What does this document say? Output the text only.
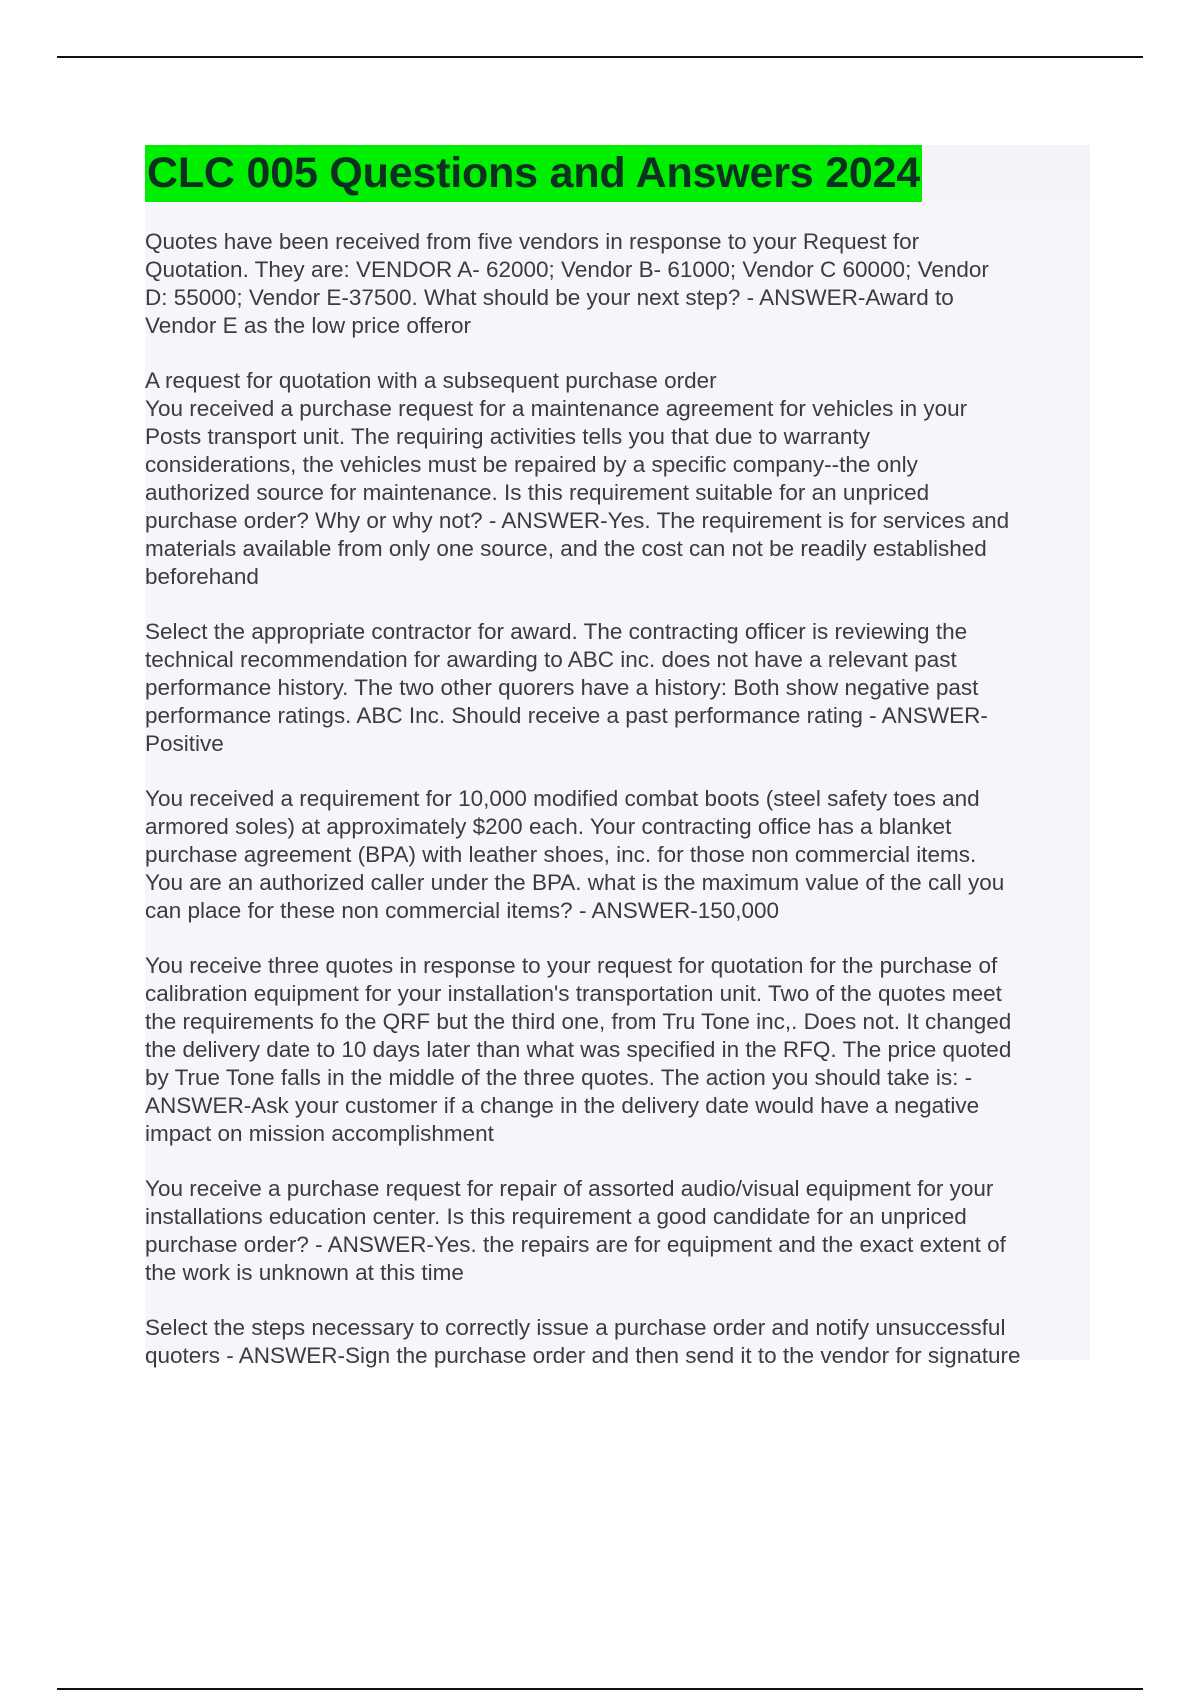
CLC 005 Questions and Answers 2024

Quotes have been received from five vendors in response to your Request for
Quotation. They are: VENDOR A- 62000; Vendor B- 61000; Vendor C 60000; Vendor
D: 55000; Vendor E-37500. What should be your next step? - ANSWER-Award to
Vendor E as the low price offeror

A request for quotation with a subsequent purchase order
You received a purchase request for a maintenance agreement for vehicles in your
Posts transport unit. The requiring activities tells you that due to warranty
considerations, the vehicles must be repaired by a specific company--the only
authorized source for maintenance. Is this requirement suitable for an unpriced
purchase order? Why or why not? - ANSWER-Yes. The requirement is for services and
materials available from only one source, and the cost can not be readily established
beforehand

Select the appropriate contractor for award. The contracting officer is reviewing the
technical recommendation for awarding to ABC inc. does not have a relevant past
performance history. The two other quorers have a history: Both show negative past
performance ratings. ABC Inc. Should receive a past performance rating - ANSWER-
Positive

You received a requirement for 10,000 modified combat boots (steel safety toes and
armored soles) at approximately $200 each. Your contracting office has a blanket
purchase agreement (BPA) with leather shoes, inc. for those non commercial items.
You are an authorized caller under the BPA. what is the maximum value of the call you
can place for these non commercial items? - ANSWER-150,000

You receive three quotes in response to your request for quotation for the purchase of
calibration equipment for your installation's transportation unit. Two of the quotes meet
the requirements fo the QRF but the third one, from Tru Tone inc,. Does not. It changed
the delivery date to 10 days later than what was specified in the RFQ. The price quoted
by True Tone falls in the middle of the three quotes. The action you should take is: -
ANSWER-Ask your customer if a change in the delivery date would have a negative
impact on mission accomplishment

You receive a purchase request for repair of assorted audio/visual equipment for your
installations education center. Is this requirement a good candidate for an unpriced
purchase order? - ANSWER-Yes. the repairs are for equipment and the exact extent of
the work is unknown at this time

Select the steps necessary to correctly issue a purchase order and notify unsuccessful
quoters - ANSWER-Sign the purchase order and then send it to the vendor for signature
